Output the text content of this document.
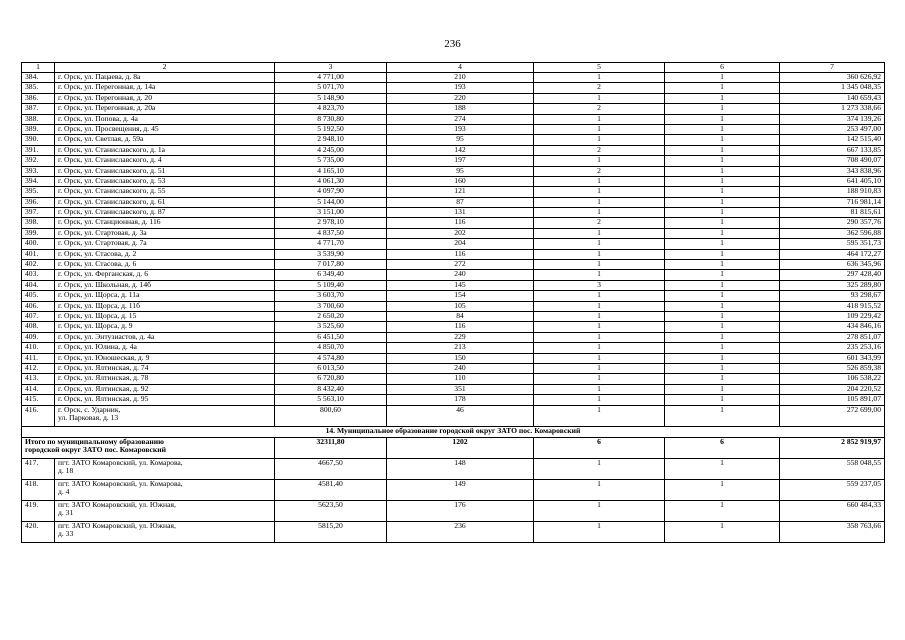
236
1	2	3	4	5	6	7
384.	г. Орск, ул. Пацаева, д. 8а	4 771,00	210	1	1	360 626,92
385.	г. Орск, ул. Перегонная, д. 14а	5 071,70	193	2	1	1 345 048,35
386.	г. Орск, ул. Перегонная, д. 20	5 148,90	220	1	1	140 659,43
387.	г. Орск, ул. Перегонная, д. 20а	4 823,70	188	2	1	1 273 338,66
388.	г. Орск, ул. Попова, д. 4а	8 730,80	274	1	1	374 139,26
389.	г. Орск, ул. Просвещения, д. 45	5 192,50	193	1	1	253 497,00
390.	г. Орск, ул. Светлая, д. 59а	2 948,10	95	1	1	142 515,40
391.	г. Орск, ул. Станиславского, д. 1а	4 245,00	142	2	1	667 133,85
392.	г. Орск, ул. Станиславского, д. 4	5 735,00	197	1	1	708 490,07
393.	г. Орск, ул. Станиславского, д. 51	4 165,10	95	2	1	343 838,96
394.	г. Орск, ул. Станиславского, д. 53	4 061,30	160	1	1	641 405,10
395.	г. Орск, ул. Станиславского, д. 55	4 097,90	121	1	1	188 910,83
396.	г. Орск, ул. Станиславского, д. 61	5 144,00	87	1	1	716 981,14
397.	г. Орск, ул. Станиславского, д. 87	3 151,00	131	1	1	81 815,61
398.	г. Орск, ул. Станционная, д. 116	2 978,10	116	2	1	290 357,76
399.	г. Орск, ул. Стартовая, д. 3а	4 837,50	202	1	1	362 596,88
400.	г. Орск, ул. Стартовая, д. 7а	4 771,70	204	1	1	595 351,73
401.	г. Орск, ул. Стасова, д. 2	3 539,90	116	1	1	464 172,27
402.	г. Орск, ул. Стасова, д. 6	7 017,80	272	1	1	636 345,96
403.	г. Орск, ул. Ферганская, д. 6	6 349,40	240	1	1	297 428,40
404.	г. Орск, ул. Школьная, д. 14б	5 109,40	145	3	1	325 289,80
405.	г. Орск, ул. Щорса, д. 11а	3 603,70	154	1	1	93 298,67
406.	г. Орск, ул. Щорса, д. 11б	3 700,60	105	1	1	418 915,52
407.	г. Орск, ул. Щорса, д. 15	2 650,20	84	1	1	109 229,42
408.	г. Орск, ул. Щорса, д. 9	3 525,60	116	1	1	434 846,16
409.	г. Орск, ул. Энтузиастов, д. 4а	6 451,50	229	1	1	278 851,07
410.	г. Орск, ул. Юлина, д. 4а	4 850,70	213	1	1	235 253,16
411.	г. Орск, ул. Юношеская, д. 9	4 574,80	150	1	1	601 343,99
412.	г. Орск, ул. Ялтинская, д. 74	6 013,50	240	1	1	526 859,38
413.	г. Орск, ул. Ялтинская, д. 78	6 720,80	110	1	1	106 538,22
414.	г. Орск, ул. Ялтинская, д. 92	8 432,40	351	1	1	204 220,52
415.	г. Орск, ул. Ялтинская, д. 95	5 563,10	178	1	1	105 891,07
416.	г. Орск, с. Ударник,
ул. Парковая, д. 13	800,60	46	1	1	272 699,00
14. Муниципальное образование городской округ ЗАТО пос. Комаровский						

Итого по муниципальному образованию
городской округ ЗАТО пос. Комаровский		32311,80	1202	6	6	2 852 919,97
417.	пгт. ЗАТО Комаровский, ул. Комарова,
д. 18	4667,50	148	1	1	558 048,55
418.	пгт. ЗАТО Комаровский, ул. Комарова,
д. 4	4581,40	149	1	1	559 237,05
419.	пгт. ЗАТО Комаровский, ул. Южная,
д. 31	5623,50	176	1	1	660 484,33
420.	пгт. ЗАТО Комаровский, ул. Южная,
д. 33	5815,20	236	1	1	358 763,66
